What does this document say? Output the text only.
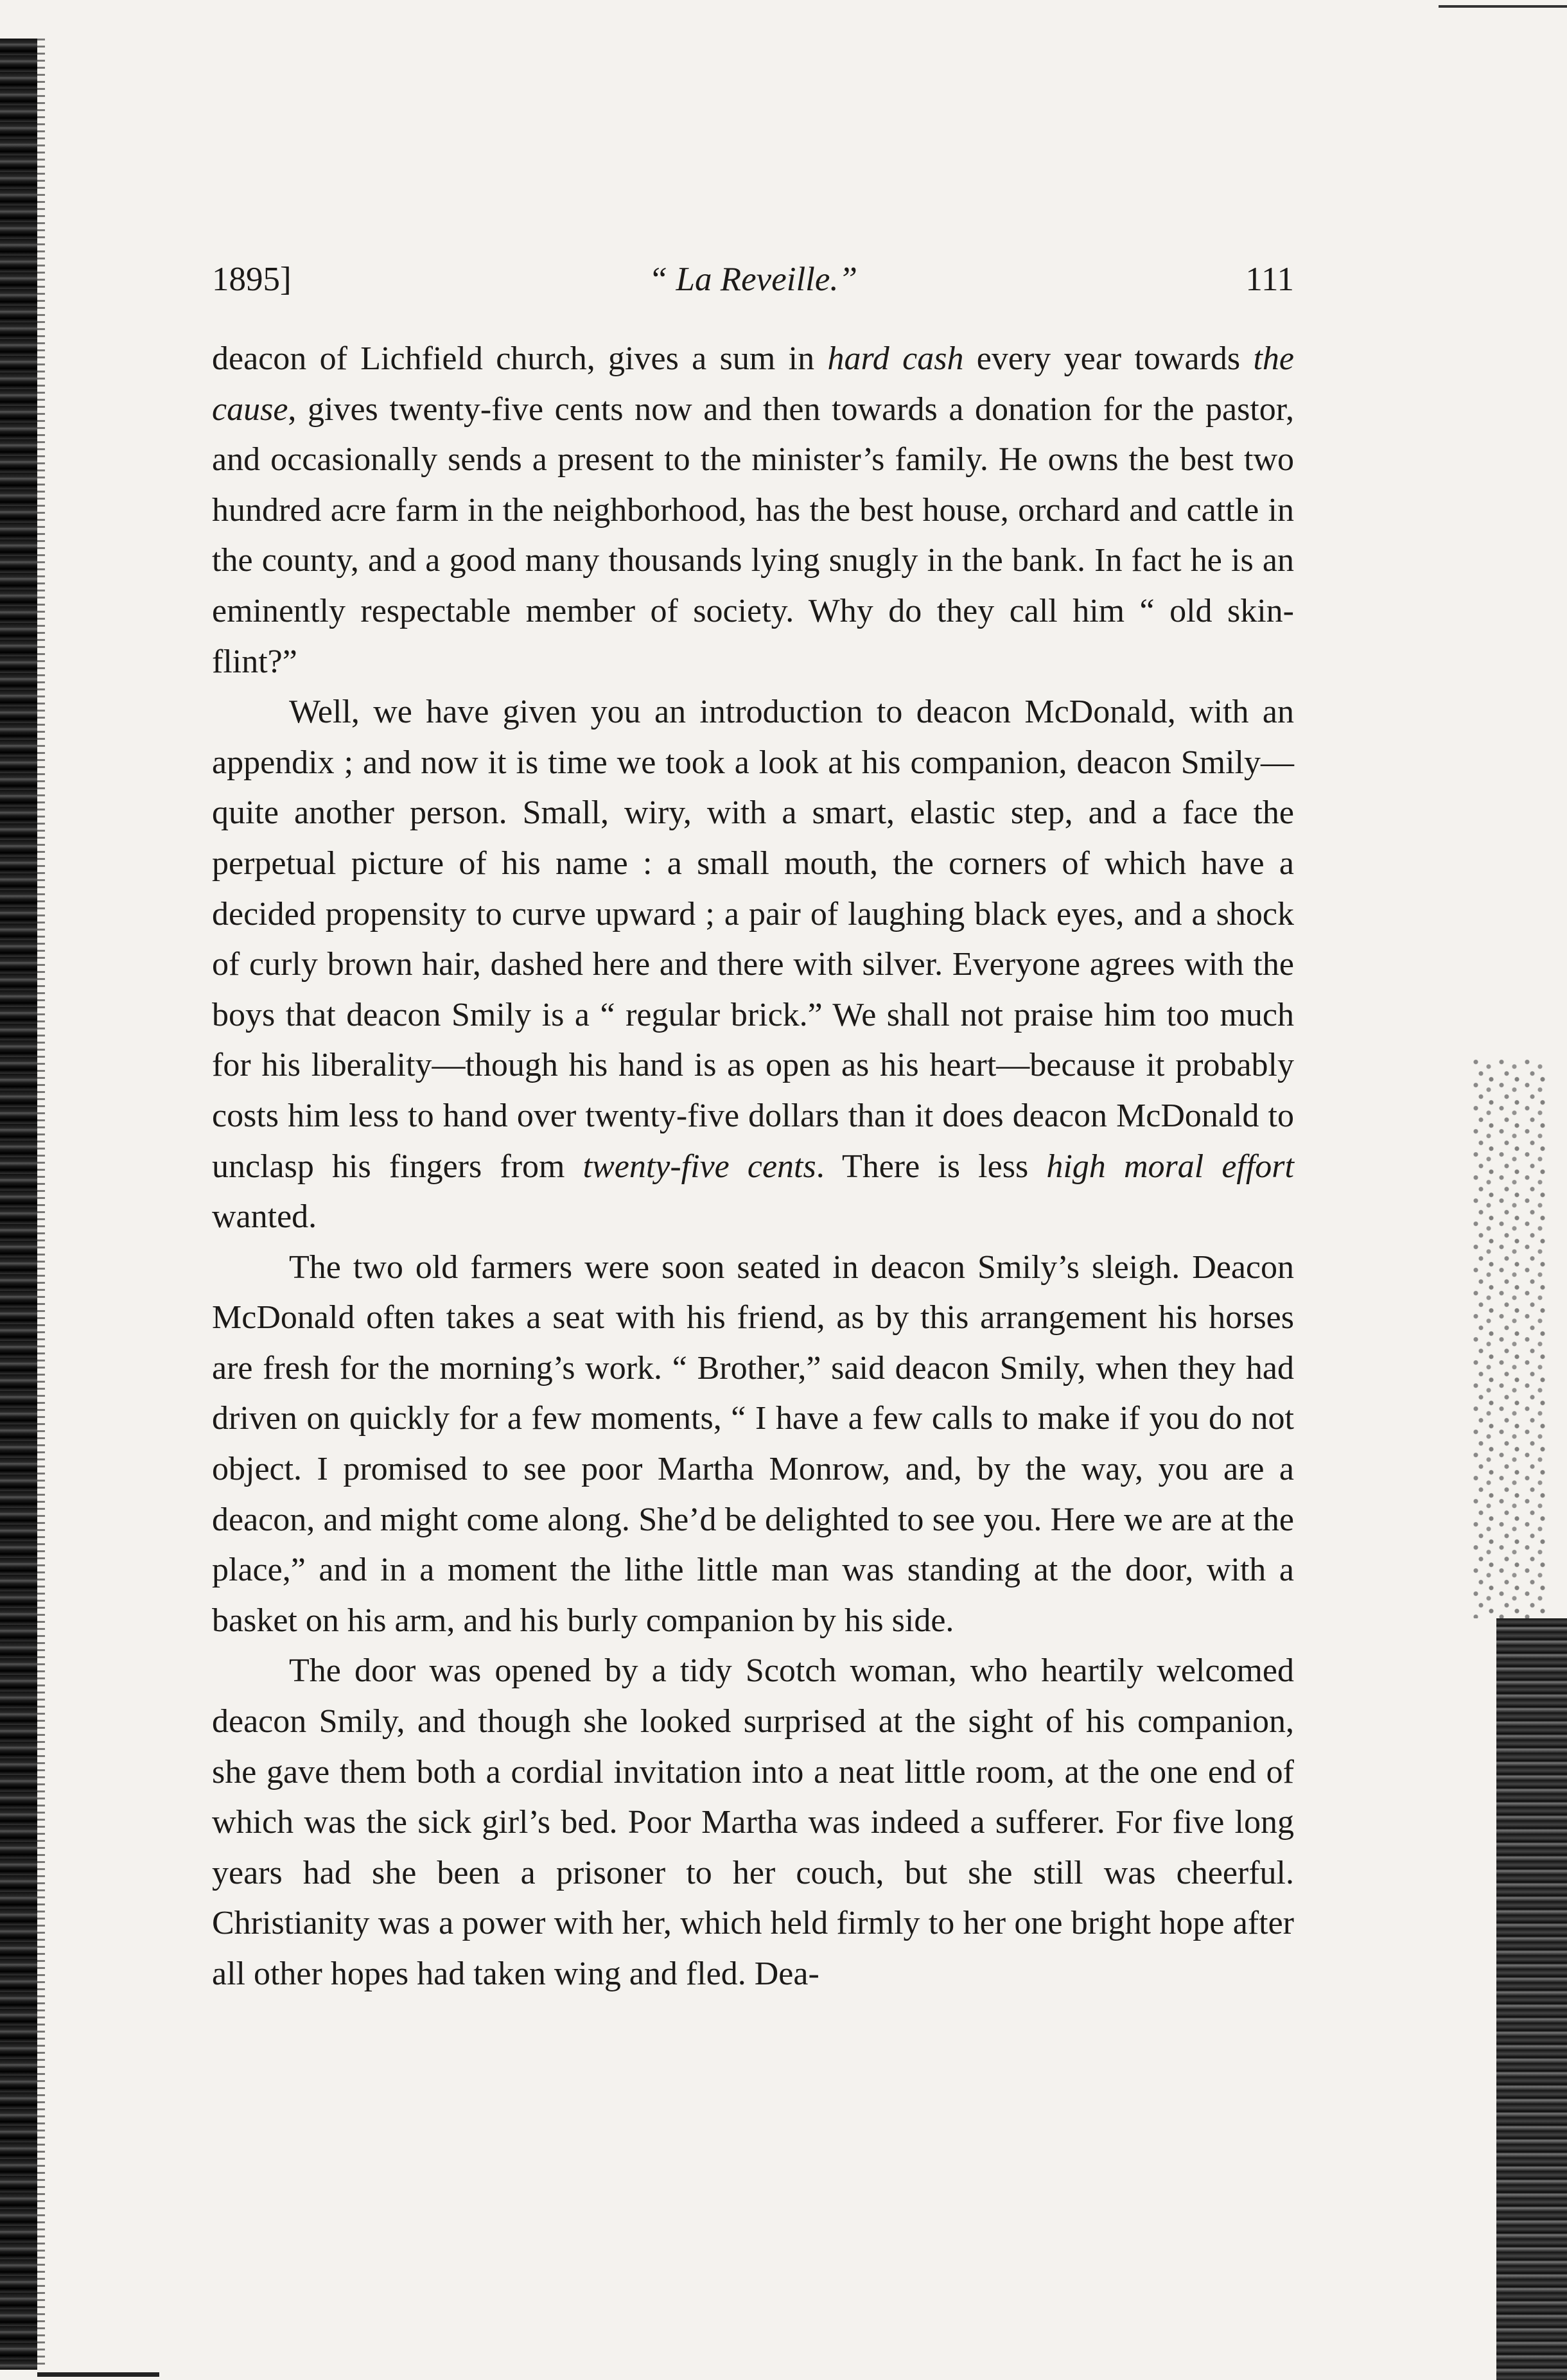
1895]	“ La Reveille.”	111

deacon of Lichfield church, gives a sum in hard cash every year towards the cause, gives twenty-five cents now and then towards a donation for the pastor, and occasionally sends a present to the minister’s family. He owns the best two hundred acre farm in the neighborhood, has the best house, orchard and cattle in the county, and a good many thousands lying snugly in the bank. In fact he is an eminently respectable member of society. Why do they call him “ old skin-flint?”

Well, we have given you an introduction to deacon McDonald, with an appendix ; and now it is time we took a look at his companion, deacon Smily—quite another person. Small, wiry, with a smart, elastic step, and a face the perpetual picture of his name : a small mouth, the corners of which have a decided propensity to curve upward ; a pair of laughing black eyes, and a shock of curly brown hair, dashed here and there with silver. Everyone agrees with the boys that deacon Smily is a “ regular brick.” We shall not praise him too much for his liberality—though his hand is as open as his heart—because it probably costs him less to hand over twenty-five dollars than it does deacon McDonald to unclasp his fingers from twenty-five cents. There is less high moral effort wanted.

The two old farmers were soon seated in deacon Smily’s sleigh. Deacon McDonald often takes a seat with his friend, as by this arrangement his horses are fresh for the morning’s work. “ Brother,” said deacon Smily, when they had driven on quickly for a few moments, “ I have a few calls to make if you do not object. I promised to see poor Martha Monrow, and, by the way, you are a deacon, and might come along. She’d be delighted to see you. Here we are at the place,” and in a moment the lithe little man was standing at the door, with a basket on his arm, and his burly companion by his side.

The door was opened by a tidy Scotch woman, who heartily welcomed deacon Smily, and though she looked surprised at the sight of his companion, she gave them both a cordial invitation into a neat little room, at the one end of which was the sick girl’s bed. Poor Martha was indeed a sufferer. For five long years had she been a prisoner to her couch, but she still was cheerful. Christianity was a power with her, which held firmly to her one bright hope after all other hopes had taken wing and fled. Dea-
